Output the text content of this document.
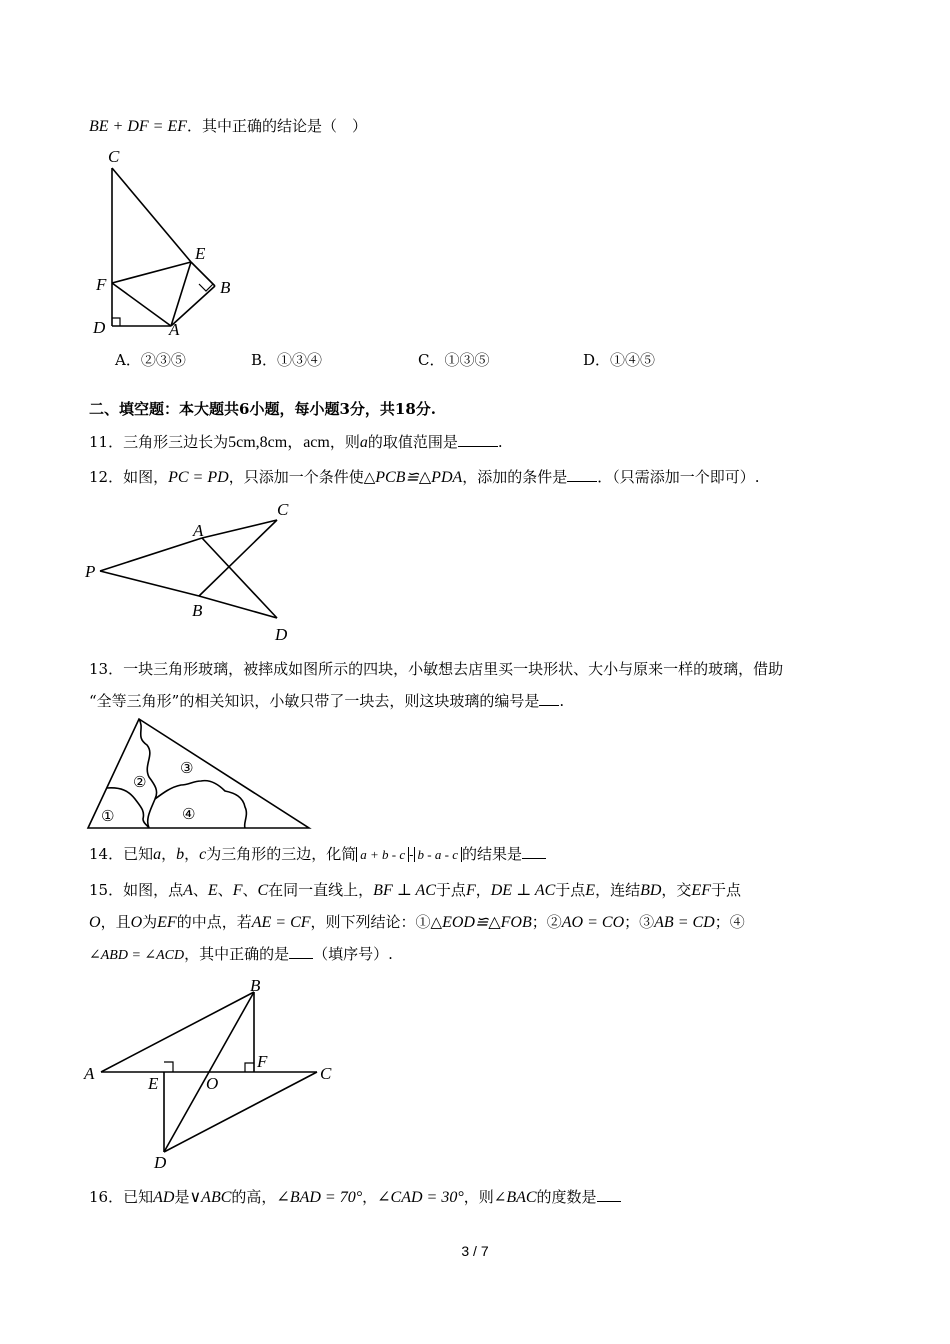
BE + DF = EF．其中正确的结论是（　）
C
E
F	B
D	A
A．②③⑤	B．①③④	C．①③⑤	D．①④⑤
二、填空题：本大题共6小题，每小题3分，共18分.
11．三角形三边长为5cm,8cm，acm，则a的取值范围是	.
12．如图，PC = PD，只添加一个条件使△PCB≌△PDA，添加的条件是 ．（只需添加一个即可）.
P
A
B
C
D
13．一块三角形玻璃，被摔成如图所示的四块，小敏想去店里买一块形状、大小与原来一样的玻璃，借助
“全等三角形”的相关知识，小敏只带了一块去，则这块玻璃的编号是 .
①
②
③
④
14．已知a，b，c为三角形的三边，化简 a + b - c - b - a - c 的结果是
15．如图，点A、E、F、C在同一直线上，BF ⊥ AC于点F，DE ⊥ AC于点E，连结BD，交EF于点
O，且O为EF的中点，若AE = CF，则下列结论：①△EOD≌△FOB；②AO = CO；③AB = CD；④
∠ABD = ∠ACD，其中正确的是 （填序号）.
B
A
E	O
F
C
D
16．已知AD是∨ABC的高，∠BAD = 70°，∠CAD = 30°，则∠BAC的度数是
3 / 7
